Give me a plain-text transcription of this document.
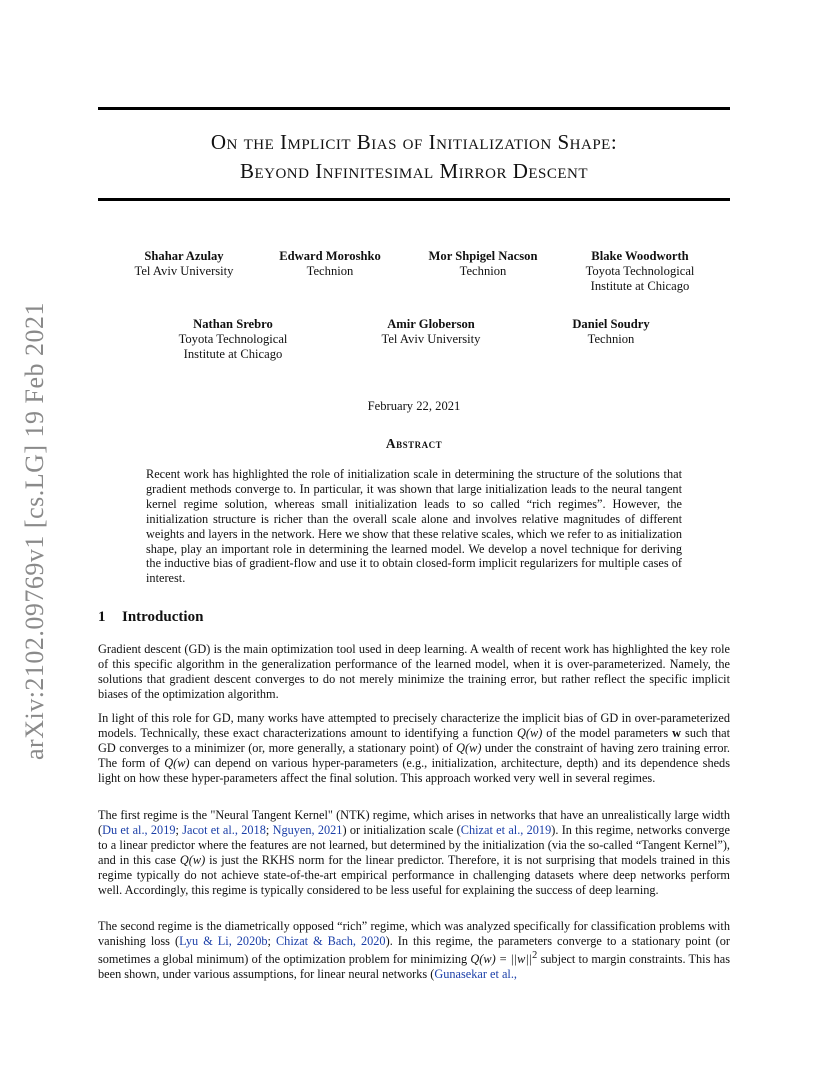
arXiv:2102.09769v1 [cs.LG] 19 Feb 2021
On the Implicit Bias of Initialization Shape:
Beyond Infinitesimal Mirror Descent
Shahar Azulay
Tel Aviv University
Edward Moroshko
Technion
Mor Shpigel Nacson
Technion
Blake Woodworth
Toyota Technological
Institute at Chicago
Nathan Srebro
Toyota Technological
Institute at Chicago
Amir Globerson
Tel Aviv University
Daniel Soudry
Technion
February 22, 2021
Abstract
Recent work has highlighted the role of initialization scale in determining the structure of the solutions that gradient methods converge to. In particular, it was shown that large initialization leads to the neural tangent kernel regime solution, whereas small initialization leads to so called “rich regimes”. However, the initialization structure is richer than the overall scale alone and involves relative magnitudes of different weights and layers in the network. Here we show that these relative scales, which we refer to as initialization shape, play an important role in determining the learned model. We develop a novel technique for deriving the inductive bias of gradient-flow and use it to obtain closed-form implicit regularizers for multiple cases of interest.
1 Introduction

Gradient descent (GD) is the main optimization tool used in deep learning. A wealth of recent work has highlighted the key role of this specific algorithm in the generalization performance of the learned model, when it is over-parameterized. Namely, the solutions that gradient descent converges to do not merely minimize the training error, but rather reflect the specific implicit biases of the optimization algorithm.

In light of this role for GD, many works have attempted to precisely characterize the implicit bias of GD in over-parameterized models. Technically, these exact characterizations amount to identifying a function Q(w) of the model parameters w such that GD converges to a minimizer (or, more generally, a stationary point) of Q(w) under the constraint of having zero training error. The form of Q(w) can depend on various hyper-parameters (e.g., initialization, architecture, depth) and its dependence sheds light on how these hyper-parameters affect the final solution. This approach worked very well in several regimes.

The first regime is the "Neural Tangent Kernel" (NTK) regime, which arises in networks that have an unrealistically large width (Du et al., 2019; Jacot et al., 2018; Nguyen, 2021) or initialization scale (Chizat et al., 2019). In this regime, networks converge to a linear predictor where the features are not learned, but determined by the initialization (via the so-called “Tangent Kernel”), and in this case Q(w) is just the RKHS norm for the linear predictor. Therefore, it is not surprising that models trained in this regime typically do not achieve state-of-the-art empirical performance in challenging datasets where deep networks perform well. Accordingly, this regime is typically considered to be less useful for explaining the success of deep learning.

The second regime is the diametrically opposed “rich” regime, which was analyzed specifically for classification problems with vanishing loss (Lyu & Li, 2020b; Chizat & Bach, 2020). In this regime, the parameters converge to a stationary point (or sometimes a global minimum) of the optimization problem for minimizing $Q(w) = ||w||^2$ subject to margin constraints. This has been shown, under various assumptions, for linear neural networks (Gunasekar et al.,
